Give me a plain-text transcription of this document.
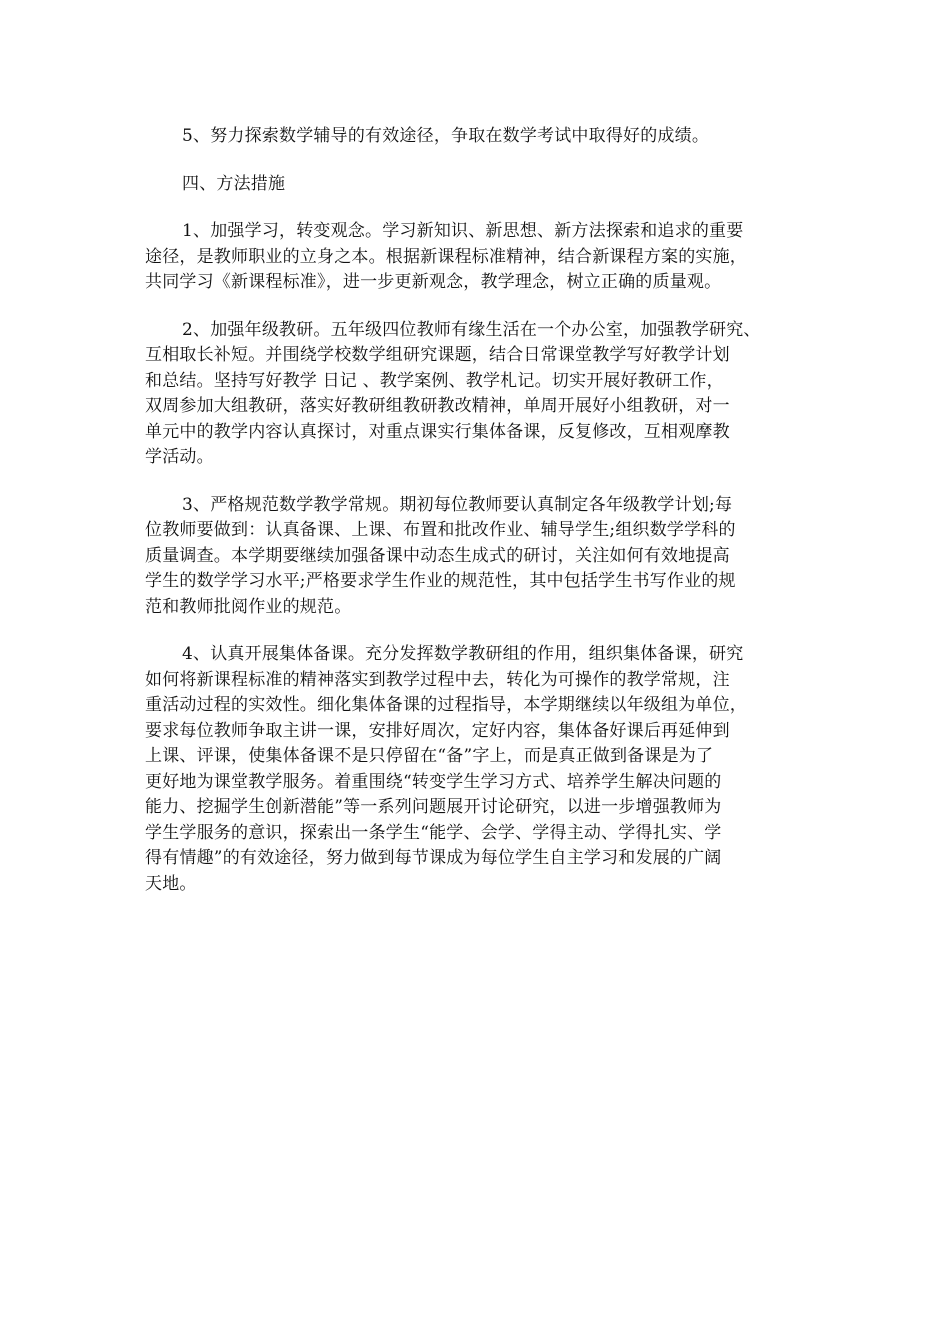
5、努力探索数学辅导的有效途径，争取在数学考试中取得好的成绩。

四、方法措施

1、加强学习，转变观念。学习新知识、新思想、新方法探索和追求的重要
途径，是教师职业的立身之本。根据新课程标准精神，结合新课程方案的实施，
共同学习《新课程标准》，进一步更新观念，教学理念，树立正确的质量观。

2、加强年级教研。五年级四位教师有缘生活在一个办公室，加强教学研究、
互相取长补短。并围绕学校数学组研究课题，结合日常课堂教学写好教学计划
和总结。坚持写好教学 日记 、教学案例、教学札记。切实开展好教研工作，
双周参加大组教研，落实好教研组教研教改精神，单周开展好小组教研，对一
单元中的教学内容认真探讨，对重点课实行集体备课，反复修改，互相观摩教
学活动。

3、严格规范数学教学常规。期初每位教师要认真制定各年级教学计划;每
位教师要做到：认真备课、上课、布置和批改作业、辅导学生;组织数学学科的
质量调查。本学期要继续加强备课中动态生成式的研讨，关注如何有效地提高
学生的数学学习水平;严格要求学生作业的规范性，其中包括学生书写作业的规
范和教师批阅作业的规范。

4、认真开展集体备课。充分发挥数学教研组的作用，组织集体备课，研究
如何将新课程标准的精神落实到教学过程中去，转化为可操作的教学常规，注
重活动过程的实效性。细化集体备课的过程指导，本学期继续以年级组为单位，
要求每位教师争取主讲一课，安排好周次，定好内容，集体备好课后再延伸到
上课、评课，使集体备课不是只停留在“备”字上，而是真正做到备课是为了
更好地为课堂教学服务。着重围绕“转变学生学习方式、培养学生解决问题的
能力、挖掘学生创新潜能”等一系列问题展开讨论研究，以进一步增强教师为
学生学服务的意识，探索出一条学生“能学、会学、学得主动、学得扎实、学
得有情趣”的有效途径，努力做到每节课成为每位学生自主学习和发展的广阔
天地。
